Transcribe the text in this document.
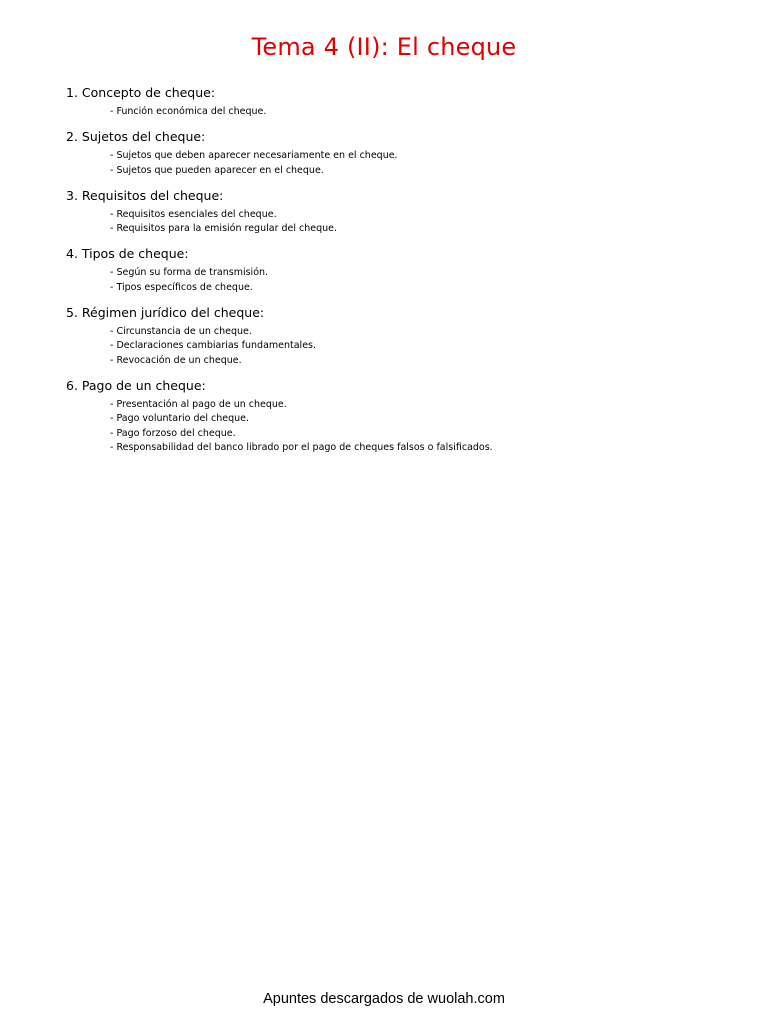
Tema 4 (II): El cheque
1. Concepto de cheque:
- Función económica del cheque.
2. Sujetos del cheque:
- Sujetos que deben aparecer necesariamente en el cheque.
- Sujetos que pueden aparecer en el cheque.
3. Requisitos del cheque:
- Requisitos esenciales del cheque.
- Requisitos para la emisión regular del cheque.
4. Tipos de cheque:
- Según su forma de transmisión.
- Tipos específicos de cheque.
5. Régimen jurídico del cheque:
- Circunstancia de un cheque.
- Declaraciones cambiarias fundamentales.
- Revocación de un cheque.
6. Pago de un cheque:
- Presentación al pago de un cheque.
- Pago voluntario del cheque.
- Pago forzoso del cheque.
- Responsabilidad del banco librado por el pago de cheques falsos o falsificados.
Apuntes descargados de wuolah.com
